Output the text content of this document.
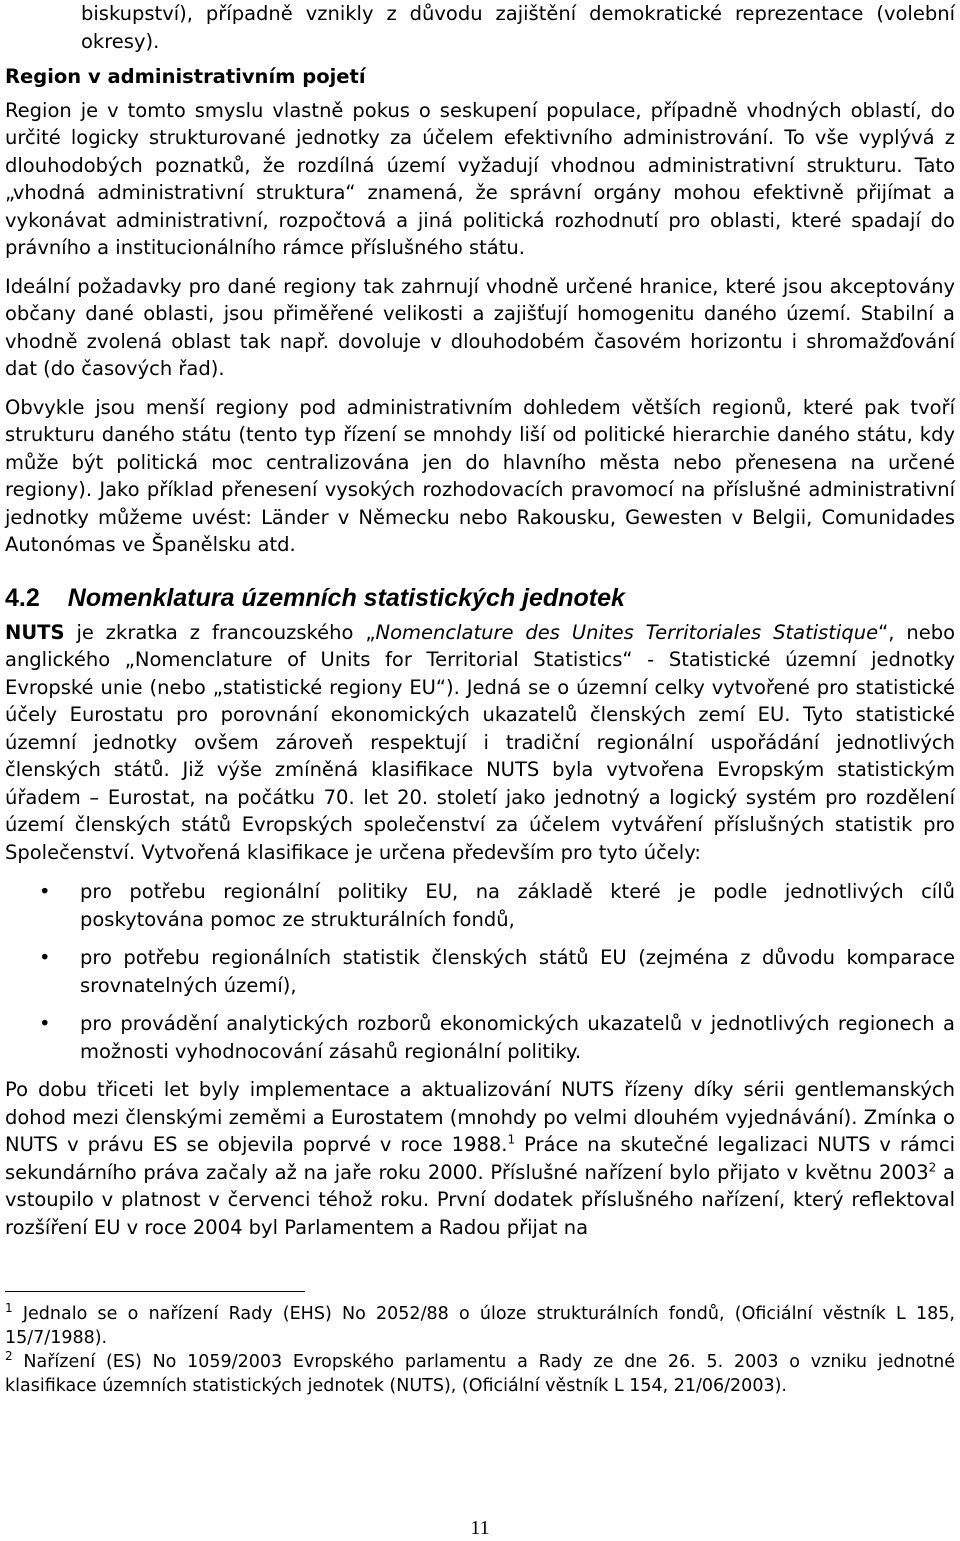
biskupství), případně vznikly z důvodu zajištění demokratické reprezentace (volební okresy).

Region v administrativním pojetí

Region je v tomto smyslu vlastně pokus o seskupení populace, případně vhodných oblastí, do určité logicky strukturované jednotky za účelem efektivního administrování. To vše vyplývá z dlouhodobých poznatků, že rozdílná území vyžadují vhodnou administrativní strukturu. Tato „vhodná administrativní struktura“ znamená, že správní orgány mohou efektivně přijímat a vykonávat administrativní, rozpočtová a jiná politická rozhodnutí pro oblasti, které spadají do právního a institucionálního rámce příslušného státu.

Ideální požadavky pro dané regiony tak zahrnují vhodně určené hranice, které jsou akceptovány občany dané oblasti, jsou přiměřené velikosti a zajišťují homogenitu daného území. Stabilní a vhodně zvolená oblast tak např. dovoluje v dlouhodobém časovém horizontu i shromažďování dat (do časových řad).

Obvykle jsou menší regiony pod administrativním dohledem větších regionů, které pak tvoří strukturu daného státu (tento typ řízení se mnohdy liší od politické hierarchie daného státu, kdy může být politická moc centralizována jen do hlavního města nebo přenesena na určené regiony). Jako příklad přenesení vysokých rozhodovacích pravomocí na příslušné administrativní jednotky můžeme uvést: Länder v Německu nebo Rakousku, Gewesten v Belgii, Comunidades Autonómas ve Španělsku atd.

4.2 Nomenklatura územních statistických jednotek

NUTS je zkratka z francouzského „Nomenclature des Unites Territoriales Statistique“, nebo anglického „Nomenclature of Units for Territorial Statistics“ - Statistické územní jednotky Evropské unie (nebo „statistické regiony EU“). Jedná se o územní celky vytvořené pro statistické účely Eurostatu pro porovnání ekonomických ukazatelů členských zemí EU. Tyto statistické územní jednotky ovšem zároveň respektují i tradiční regionální uspořádání jednotlivých členských států. Již výše zmíněná klasifikace NUTS byla vytvořena Evropským statistickým úřadem – Eurostat, na počátku 70. let 20. století jako jednotný a logický systém pro rozdělení území členských států Evropských společenství za účelem vytváření příslušných statistik pro Společenství. Vytvořená klasifikace je určena především pro tyto účely:

• pro potřebu regionální politiky EU, na základě které je podle jednotlivých cílů poskytována pomoc ze strukturálních fondů,
• pro potřebu regionálních statistik členských států EU (zejména z důvodu komparace srovnatelných území),
• pro provádění analytických rozborů ekonomických ukazatelů v jednotlivých regionech a možnosti vyhodnocování zásahů regionální politiky.

Po dobu třiceti let byly implementace a aktualizování NUTS řízeny díky sérii gentlemanských dohod mezi členskými zeměmi a Eurostatem (mnohdy po velmi dlouhém vyjednávání). Zmínka o NUTS v právu ES se objevila poprvé v roce 1988.$^1$ Práce na skutečné legalizaci NUTS v rámci sekundárního práva začaly až na jaře roku 2000. Příslušné nařízení bylo přijato v květnu 2003$^2$ a vstoupilo v platnost v červenci téhož roku. První dodatek příslušného nařízení, který reflektoval rozšíření EU v roce 2004 byl Parlamentem a Radou přijat na

$^1$ Jednalo se o nařízení Rady (EHS) No 2052/88 o úloze strukturálních fondů, (Oficiální věstník L 185, 15/7/1988).

$^2$ Nařízení (ES) No 1059/2003 Evropského parlamentu a Rady ze dne 26. 5. 2003 o vzniku jednotné klasifikace územních statistických jednotek (NUTS), (Oficiální věstník L 154, 21/06/2003).

11
